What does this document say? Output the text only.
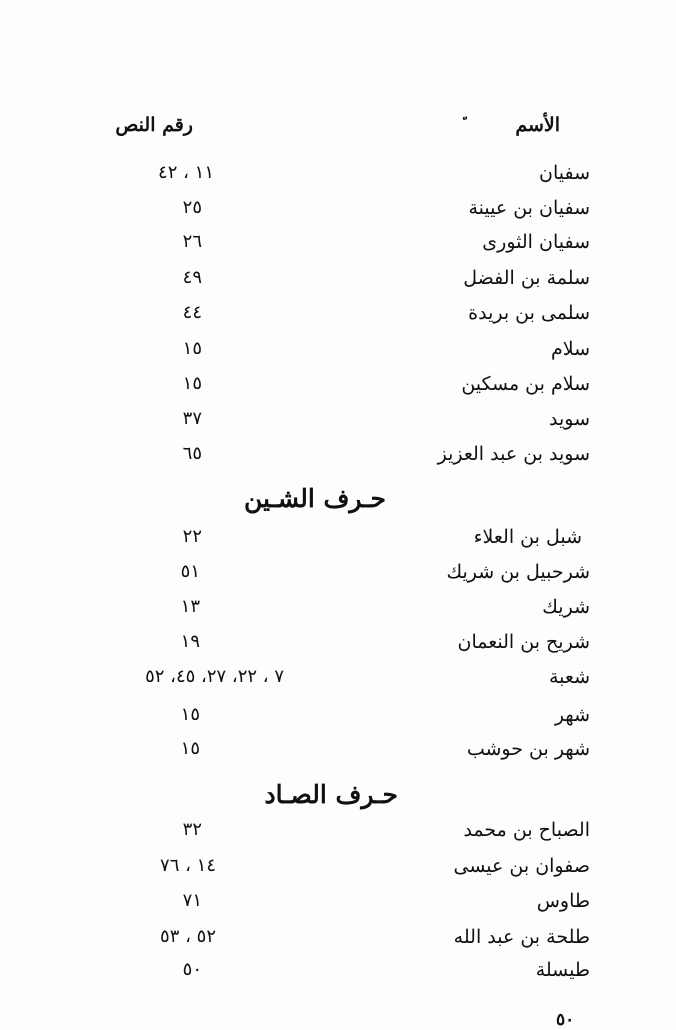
الأسم
رقم النص
سفيان
١١ ، ٤٢
سفيان بن عيينة
٢٥
سفيان الثورى
٢٦
سلمة بن الفضل
٤٩
سلمى بن بريدة
٤٤
سلام
١٥
سلام بن مسكين
١٥
سويد
٣٧
سويد بن عبد العزيز
٦٥
حـرف الشـين
شبل بن العلاء
٢٢
شرحبيل بن شريك
٥١
شريك
١٣
شريح بن النعمان
١٩
شعبة
٧ ، ٢٢، ٢٧، ٤٥، ٥٢
شهر
١٥
شهر بن حوشب
١٥
حـرف الصـاد
الصباح بن محمد
٣٢
صفوان بن عيسى
١٤ ، ٧٦
طاوس
٧١
طلحة بن عبد الله
٥٢ ، ٥٣
طيسلة
٥٠
٥٠
